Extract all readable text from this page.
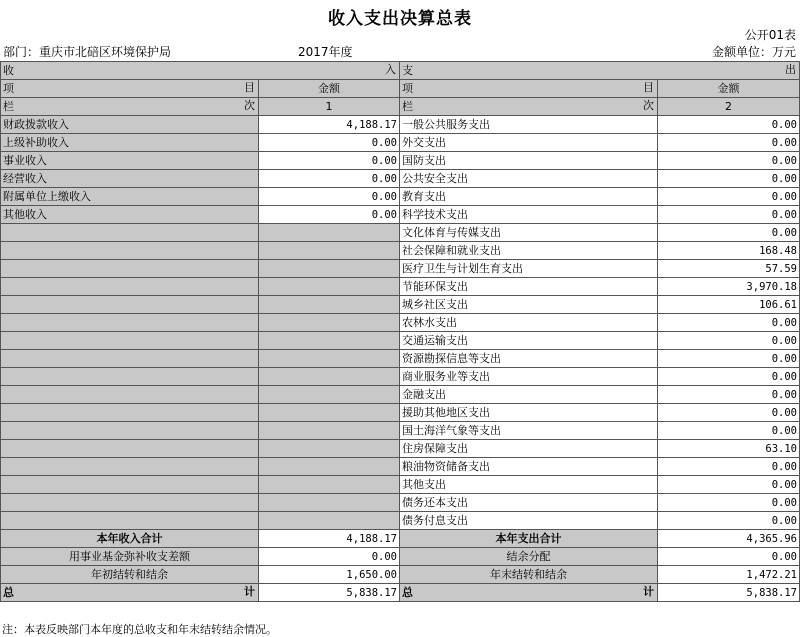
收入支出决算总表
公开01表
部门：重庆市北碚区环境保护局	2017年度	金额单位：万元
收 入		支 出	

项 目	金额	项 目	金额
栏 次	1	栏 次	2
财政拨款收入	4,188.17	一般公共服务支出	0.00
上级补助收入	0.00	外交支出	0.00
事业收入	0.00	国防支出	0.00
经营收入	0.00	公共安全支出	0.00
附属单位上缴收入	0.00	教育支出	0.00
其他收入	0.00	科学技术支出	0.00
		文化体育与传媒支出	0.00
		社会保障和就业支出	168.48
		医疗卫生与计划生育支出	57.59
		节能环保支出	3,970.18
		城乡社区支出	106.61
		农林水支出	0.00
		交通运输支出	0.00
		资源勘探信息等支出	0.00
		商业服务业等支出	0.00
		金融支出	0.00
		援助其他地区支出	0.00
		国土海洋气象等支出	0.00
		住房保障支出	63.10
		粮油物资储备支出	0.00
		其他支出	0.00
		债务还本支出	0.00
		债务付息支出	0.00
本年收入合计	4,188.17	本年支出合计	4,365.96
用事业基金弥补收支差额	0.00	结余分配	0.00
年初结转和结余	1,650.00	年末结转和结余	1,472.21
总 计	5,838.17	总 计	5,838.17
注：本表反映部门本年度的总收支和年末结转结余情况。
